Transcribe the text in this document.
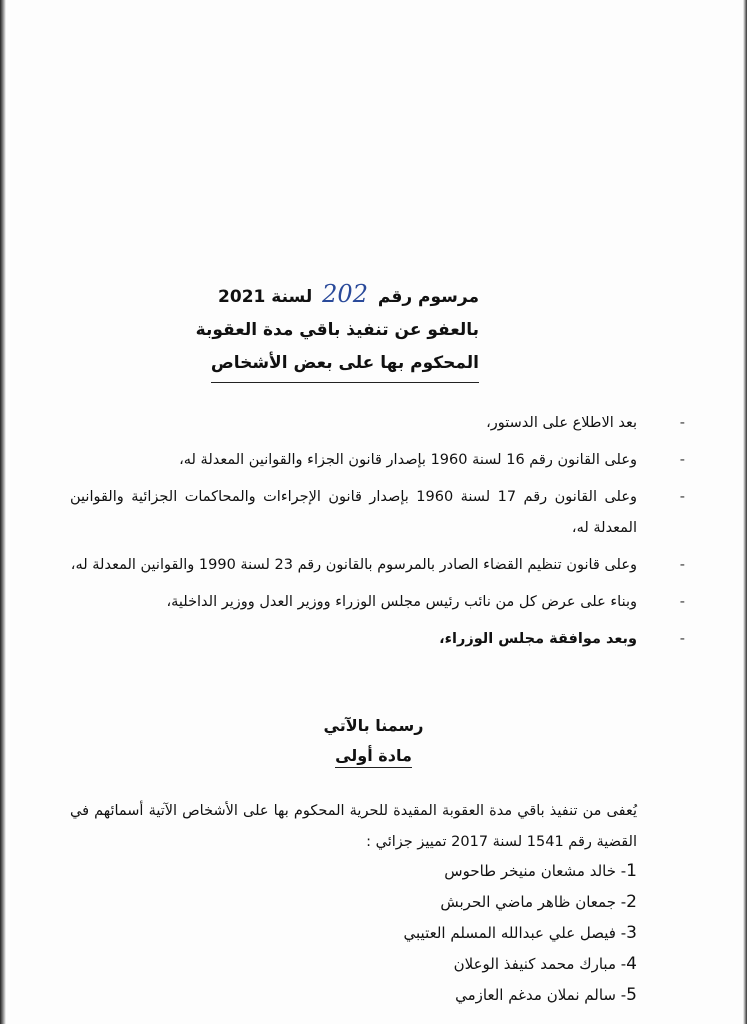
مرسوم رقم 202 لسنة 2021
بالعفو عن تنفيذ باقي مدة العقوبة
المحكوم بها على بعض الأشخاص
-
بعد الاطلاع على الدستور،
-
وعلى القانون رقم 16 لسنة 1960 بإصدار قانون الجزاء والقوانين المعدلة له،
-
وعلى القانون رقم 17 لسنة 1960 بإصدار قانون الإجراءات والمحاكمات الجزائية والقوانين المعدلة له،
-
وعلى قانون تنظيم القضاء الصادر بالمرسوم بالقانون رقم 23 لسنة 1990 والقوانين المعدلة له،
-
وبناء على عرض كل من نائب رئيس مجلس الوزراء ووزير العدل ووزير الداخلية،
-
وبعد موافقة مجلس الوزراء،
رسمنا بالآتي
مادة أولى
يُعفى من تنفيذ باقي مدة العقوبة المقيدة للحرية المحكوم بها على الأشخاص الآتية أسمائهم في القضية رقم 1541 لسنة 2017 تمييز جزائي :
1- خالد مشعان منيخر طاحوس
2- جمعان ظاهر ماضي الحربش
3- فيصل علي عبدالله المسلم العتيبي
4- مبارك محمد كنيفذ الوعلان
5- سالم نملان مدغم العازمي
